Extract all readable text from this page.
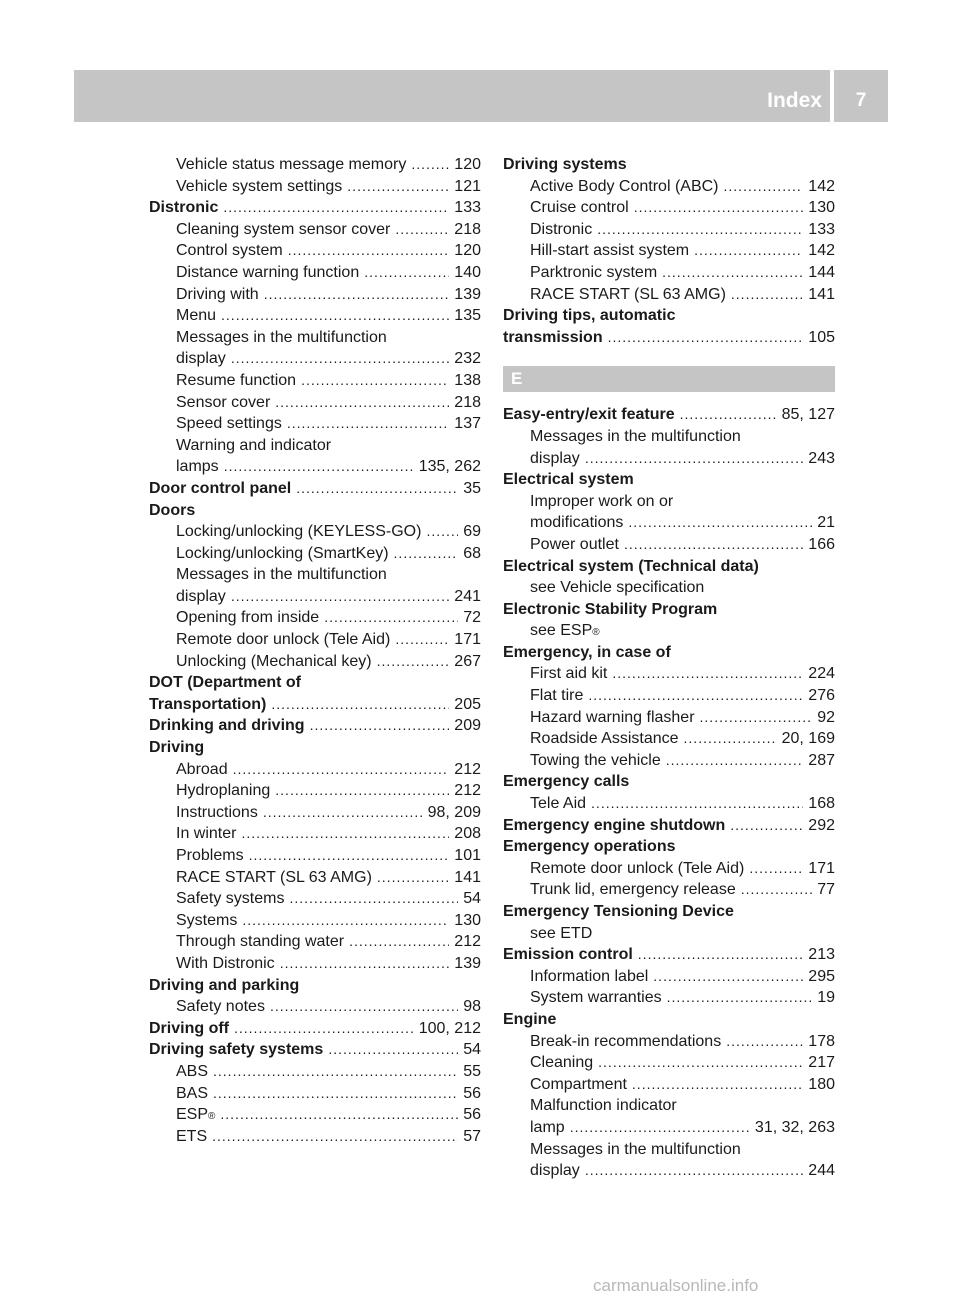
Index	7
Vehicle status message memory .....	120
Vehicle system settings .....	121
Distronic .....	133
Cleaning system sensor cover .....	218
Control system .....	120
Distance warning function .....	140
Driving with .....	139
Menu .....	135
Messages in the multifunction
display .....	232
Resume function .....	138
Sensor cover .....	218
Speed settings .....	137
Warning and indicator
lamps .....	135, 262
Door control panel .....	35
Doors
Locking/unlocking (KEYLESS-GO) .....	69
Locking/unlocking (SmartKey) .....	68
Messages in the multifunction
display .....	241
Opening from inside .....	72
Remote door unlock (Tele Aid) .....	171
Unlocking (Mechanical key) .....	267
DOT (Department of
Transportation) .....	205
Drinking and driving .....	209
Driving
Abroad .....	212
Hydroplaning .....	212
Instructions .....	98, 209
In winter .....	208
Problems .....	101
RACE START (SL 63 AMG) .....	141
Safety systems .....	54
Systems .....	130
Through standing water .....	212
With Distronic .....	139
Driving and parking
Safety notes .....	98
Driving off .....	100, 212
Driving safety systems .....	54
ABS .....	55
BAS .....	56
ESP ® .....	56
ETS .....	57
Driving systems
Active Body Control (ABC) .....	142
Cruise control .....	130
Distronic .....	133
Hill-start assist system .....	142
Parktronic system .....	144
RACE START (SL 63 AMG) .....	141
Driving tips, automatic
transmission .....	105
E
Easy-entry/exit feature .....	85, 127
Messages in the multifunction
display .....	243
Electrical system
Improper work on or
modifications .....	21
Power outlet .....	166
Electrical system (Technical data)
see Vehicle specification
Electronic Stability Program
see ESP ®
Emergency, in case of
First aid kit .....	224
Flat tire .....	276
Hazard warning flasher .....	92
Roadside Assistance .....	20, 169
Towing the vehicle .....	287
Emergency calls
Tele Aid .....	168
Emergency engine shutdown .....	292
Emergency operations
Remote door unlock (Tele Aid) .....	171
Trunk lid, emergency release .....	77
Emergency Tensioning Device
see ETD
Emission control .....	213
Information label .....	295
System warranties .....	19
Engine
Break-in recommendations .....	178
Cleaning .....	217
Compartment .....	180
Malfunction indicator
lamp .....	31, 32, 263
Messages in the multifunction
display .....	244
carmanualsonline.info
